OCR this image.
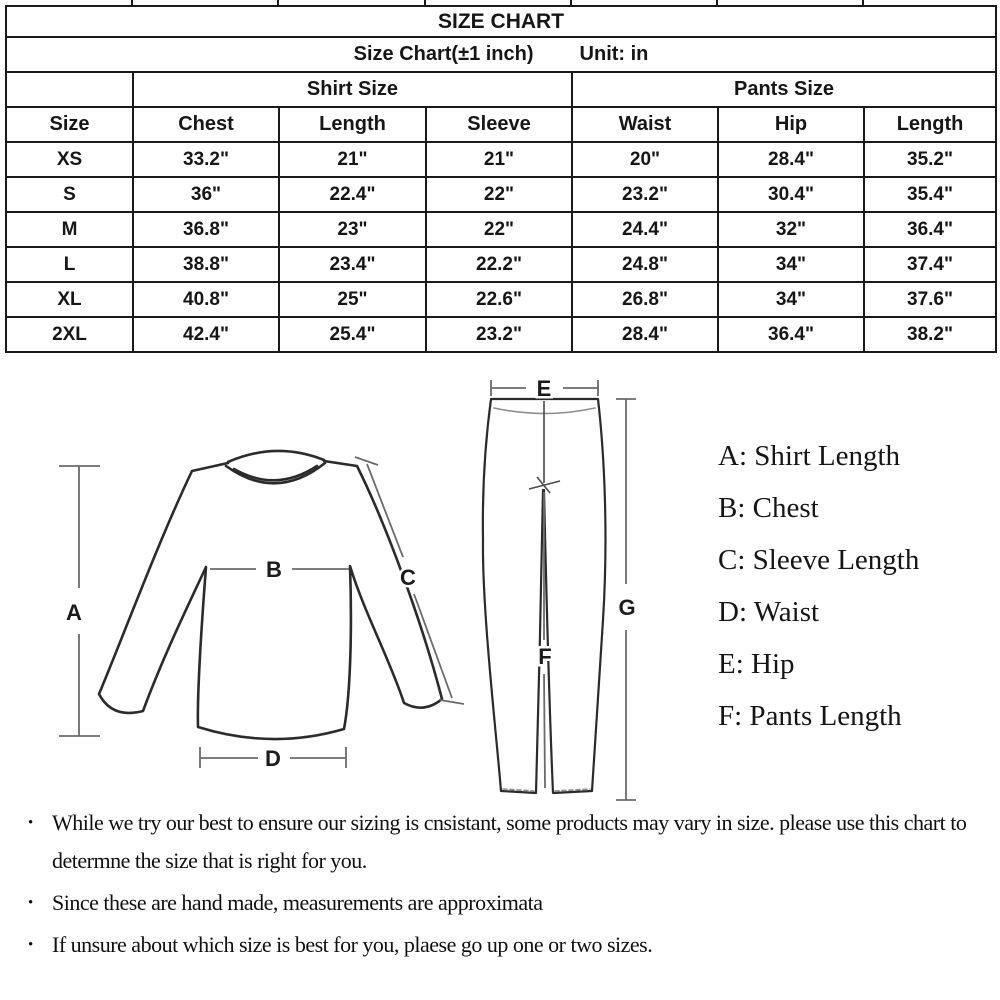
SIZE CHART						

Size Chart(±1 inch) Unit: in						

	Shirt Size			Pants Size		
Size	Chest	Length	Sleeve	Waist	Hip	Length
XS	33.2"	21"	21"	20"	28.4"	35.2"
S	36"	22.4"	22"	23.2"	30.4"	35.4"
M	36.8"	23"	22"	24.4"	32"	36.4"
L	38.8"	23.4"	22.2"	24.8"	34"	37.4"
XL	40.8"	25"	22.6"	26.8"	34"	37.6"
2XL	42.4"	25.4"	23.2"	28.4"	36.4"	38.2"
A
B	C
D
E
F
G
A: Shirt Length
B: Chest
C: Sleeve Length
D: Waist
E: Hip
F: Pants Length
• While we try our best to ensure our sizing is cnsistant, some products may vary in size. please use this chart to determne the size that is right for you.
• Since these are hand made, measurements are approximata
• If unsure about which size is best for you, plaese go up one or two sizes.
